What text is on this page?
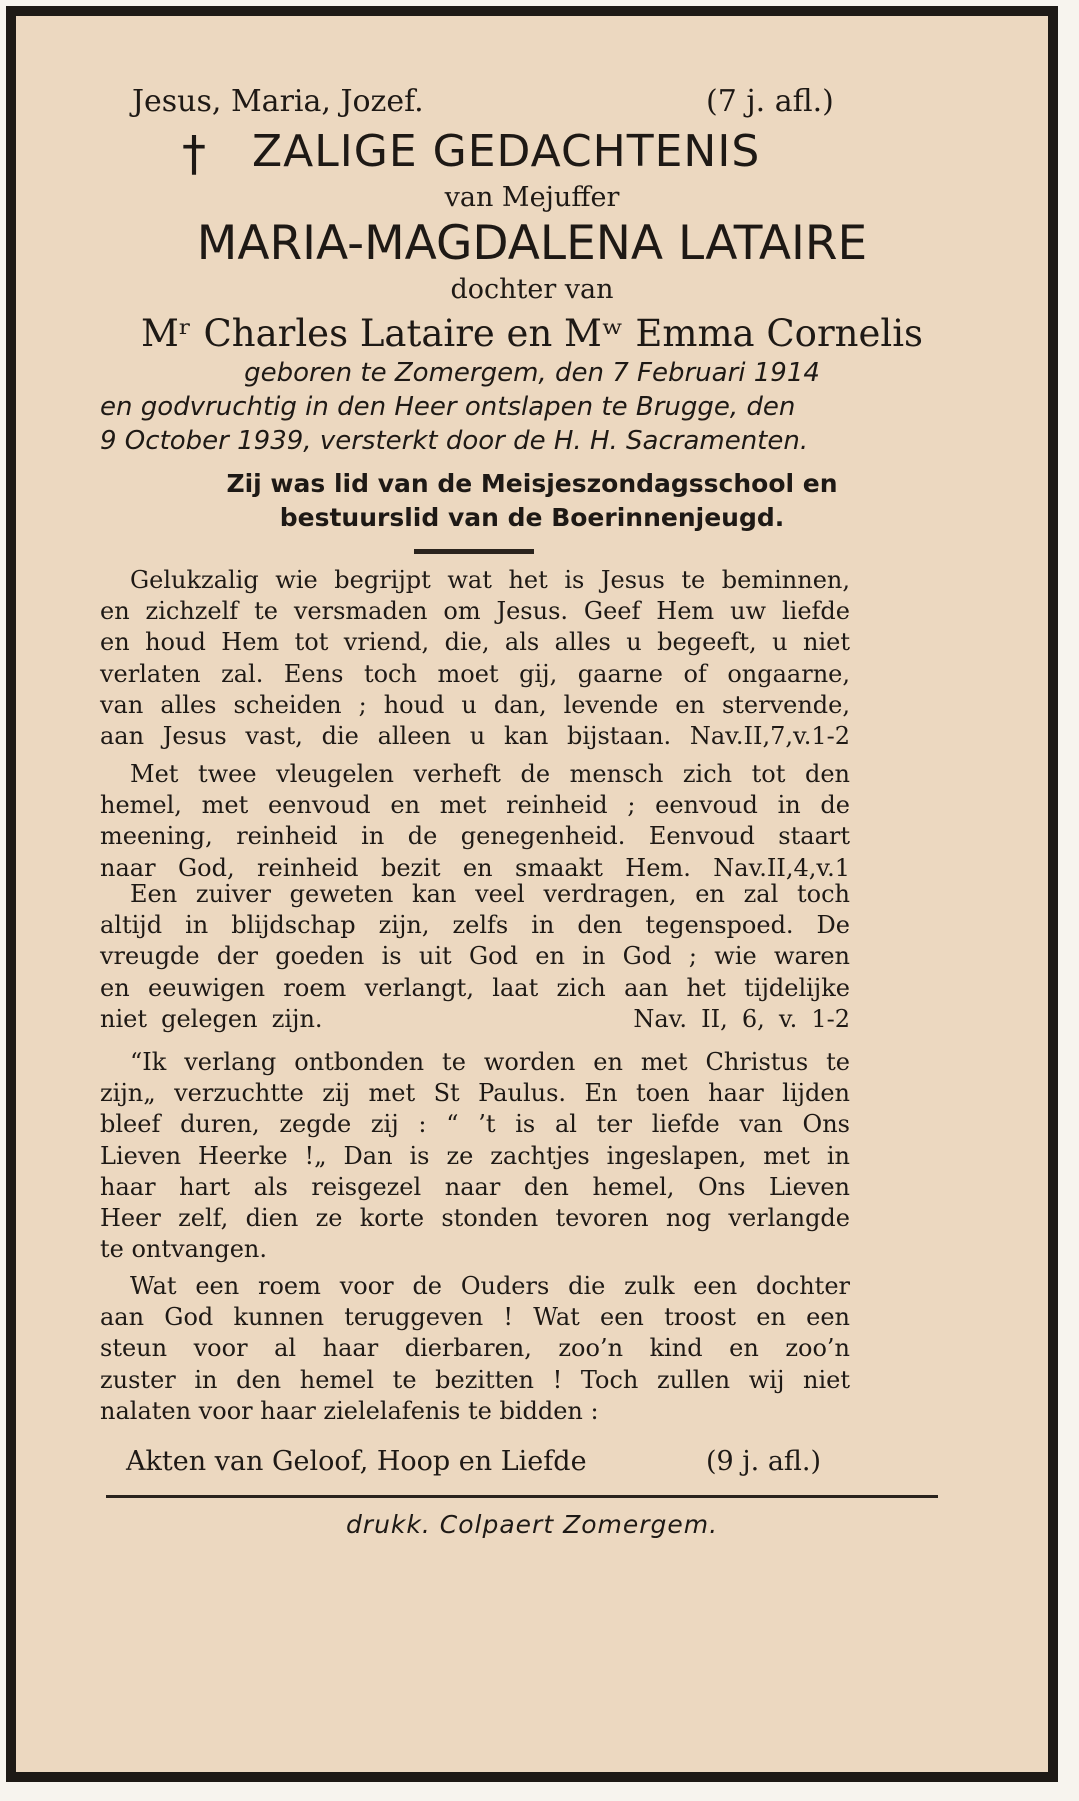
Jesus, Maria, Jozef.	(7 j. afl.)
† ZALIGE GEDACHTENIS
van Mejuffer
MARIA-MAGDALENA LATAIRE
dochter van
Mʳ Charles Lataire en Mʷ Emma Cornelis
geboren te Zomergem, den 7 Februari 1914
en godvruchtig in den Heer ontslapen te Brugge, den
9 October 1939, versterkt door de H. H. Sacramenten.
Zij was lid van de Meisjeszondagsschool en
bestuurslid van de Boerinnenjeugd.
Gelukzalig wie begrijpt wat het is Jesus te beminnen,
en zichzelf te versmaden om Jesus. Geef Hem uw liefde
en houd Hem tot vriend, die, als alles u begeeft, u niet
verlaten zal. Eens toch moet gij, gaarne of ongaarne,
van alles scheiden ; houd u dan, levende en stervende,
aan Jesus vast, die alleen u kan bijstaan. Nav.II,7,v.1-2
Met twee vleugelen verheft de mensch zich tot den
hemel, met eenvoud en met reinheid ; eenvoud in de
meening, reinheid in de genegenheid. Eenvoud staart
naar God, reinheid bezit en smaakt Hem. Nav.II,4,v.1
Een zuiver geweten kan veel verdragen, en zal toch
altijd in blijdschap zijn, zelfs in den tegenspoed. De
vreugde der goeden is uit God en in God ; wie waren
en eeuwigen roem verlangt, laat zich aan het tijdelijke
niet gelegen zijn.                      Nav. II, 6, v. 1-2
“Ik verlang ontbonden te worden en met Christus te
zijn„ verzuchtte zij met St Paulus. En toen haar lijden
bleef duren, zegde zij : “ ’t is al ter liefde van Ons
Lieven Heerke !„ Dan is ze zachtjes ingeslapen, met in
haar hart als reisgezel naar den hemel, Ons Lieven
Heer zelf, dien ze korte stonden tevoren nog verlangde
te ontvangen.
Wat een roem voor de Ouders die zulk een dochter
aan God kunnen teruggeven ! Wat een troost en een
steun voor al haar dierbaren, zoo’n kind en zoo’n
zuster in den hemel te bezitten ! Toch zullen wij niet
nalaten voor haar zielelafenis te bidden :
Akten van Geloof, Hoop en Liefde	(9 j. afl.)
drukk. Colpaert Zomergem.
